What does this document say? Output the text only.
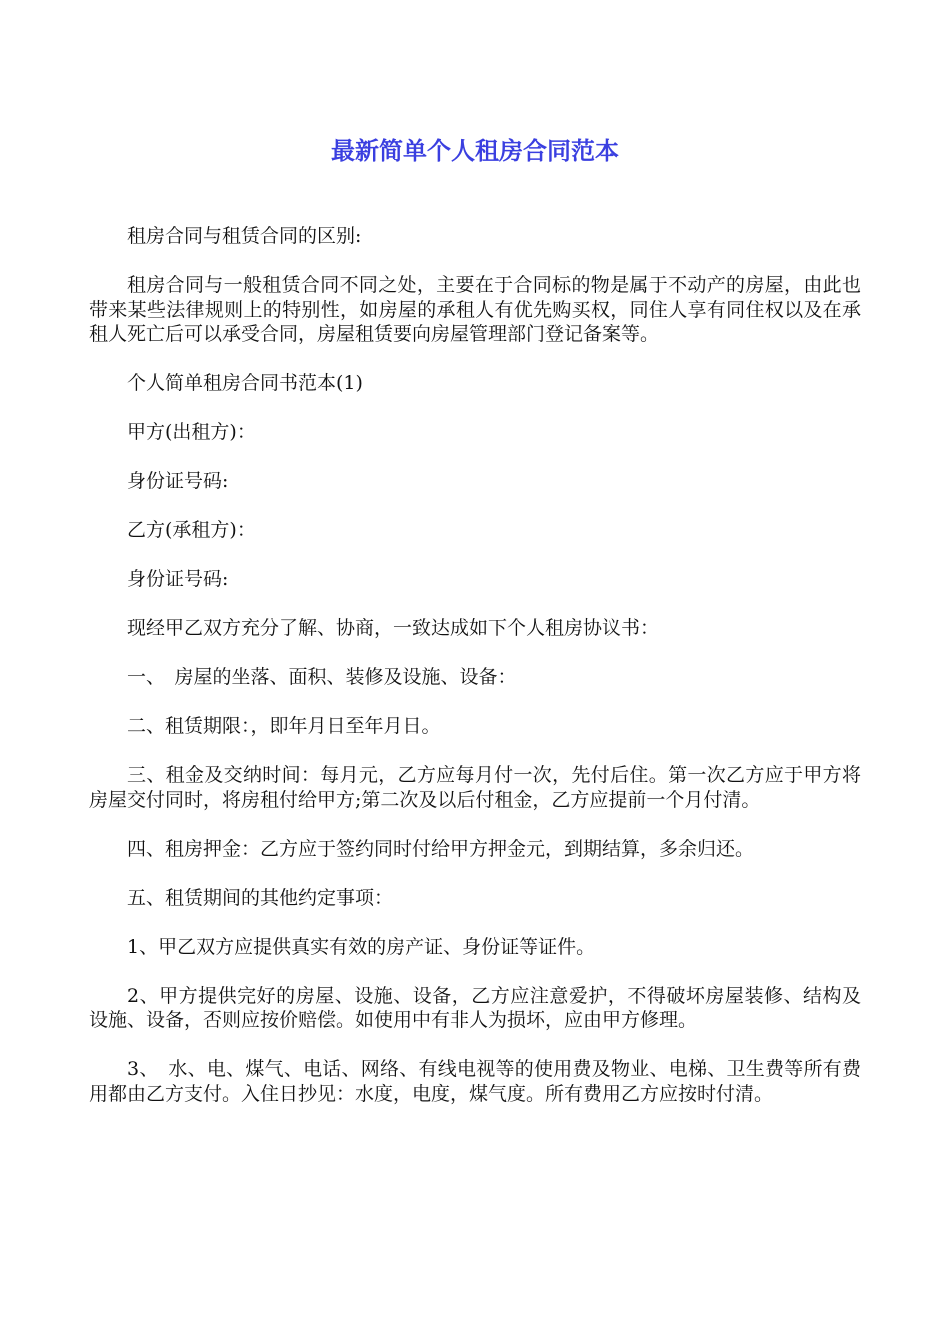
最新简单个人租房合同范本

租房合同与租赁合同的区别:

租房合同与一般租赁合同不同之处，主要在于合同标的物是属于不动产的房屋，由此也带来某些法律规则上的特别性，如房屋的承租人有优先购买权，同住人享有同住权以及在承租人死亡后可以承受合同，房屋租赁要向房屋管理部门登记备案等。

个人简单租房合同书范本(1)

甲方(出租方)：

身份证号码:

乙方(承租方)：

身份证号码:

现经甲乙双方充分了解、协商，一致达成如下个人租房协议书：

一、　房屋的坐落、面积、装修及设施、设备：

二、租赁期限：，即年月日至年月日。

三、租金及交纳时间：每月元，乙方应每月付一次，先付后住。第一次乙方应于甲方将房屋交付同时，将房租付给甲方;第二次及以后付租金，乙方应提前一个月付清。

四、租房押金：乙方应于签约同时付给甲方押金元，到期结算，多余归还。

五、租赁期间的其他约定事项：

1、甲乙双方应提供真实有效的房产证、身份证等证件。

2、甲方提供完好的房屋、设施、设备，乙方应注意爱护，不得破坏房屋装修、结构及设施、设备，否则应按价赔偿。如使用中有非人为损坏，应由甲方修理。

3、　水、电、煤气、电话、网络、有线电视等的使用费及物业、电梯、卫生费等所有费用都由乙方支付。入住日抄见：水度，电度，煤气度。所有费用乙方应按时付清。
